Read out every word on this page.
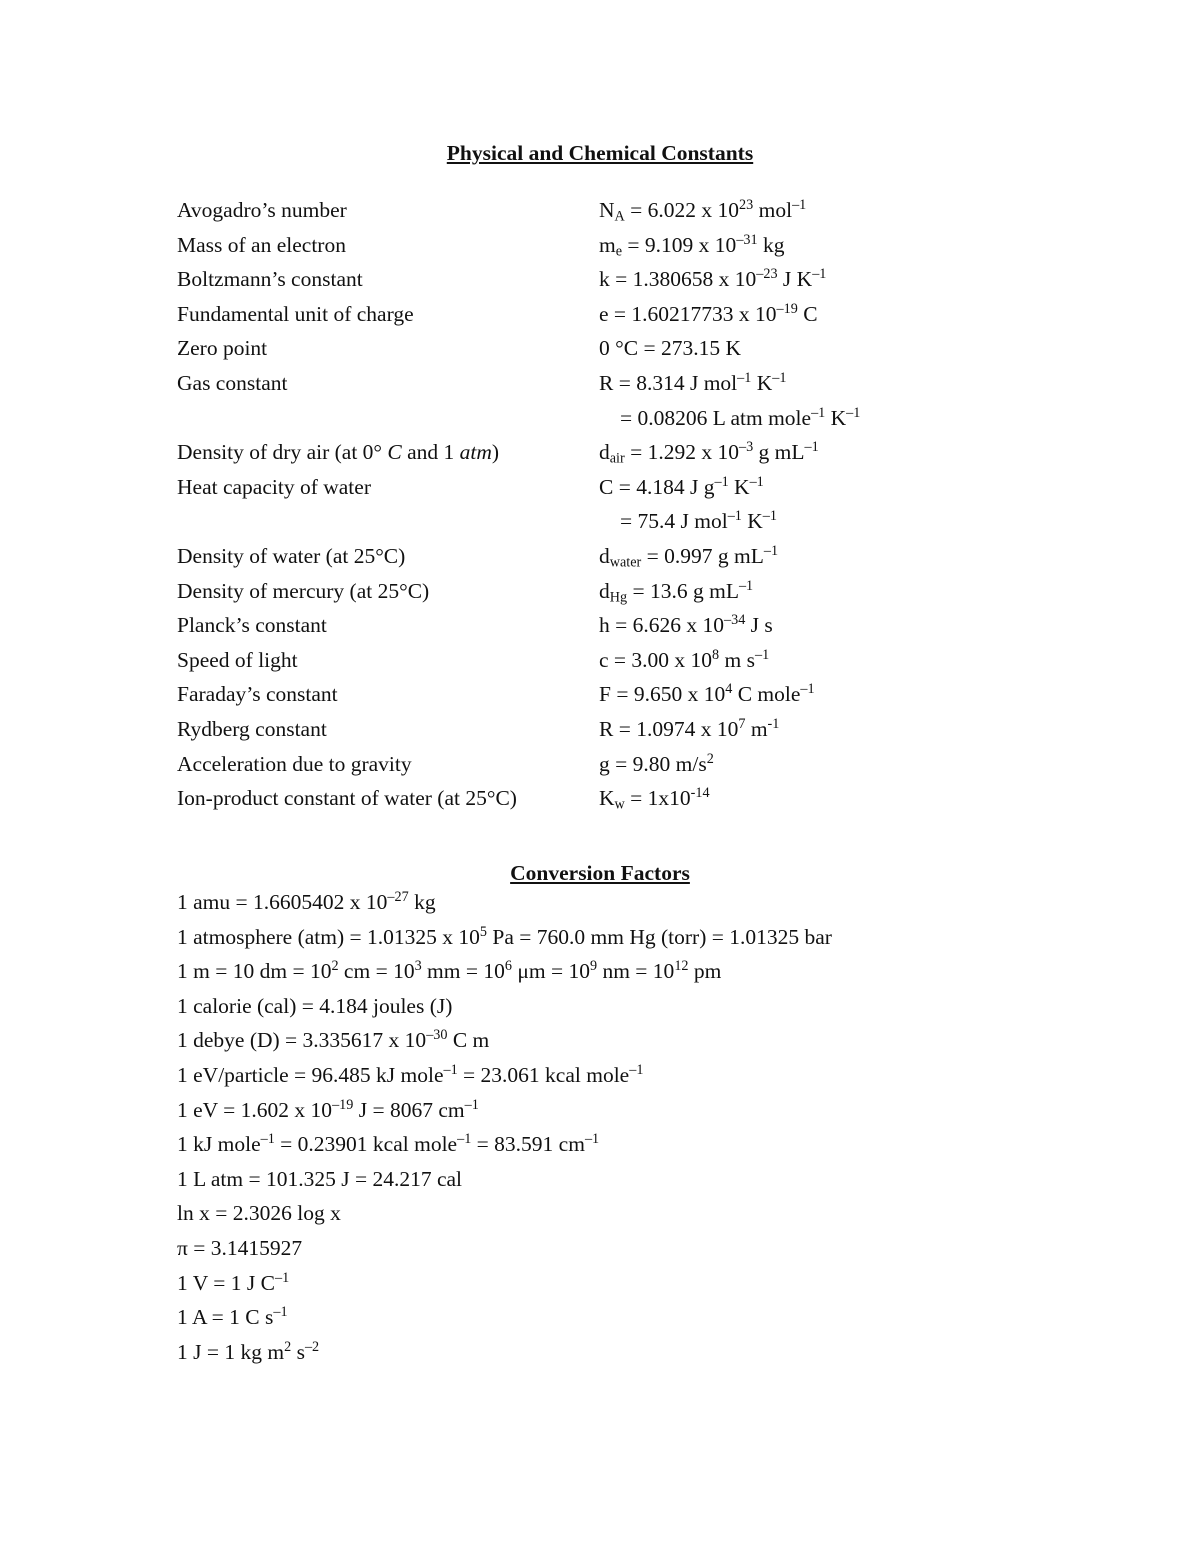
Physical and Chemical Constants
Avogadro’s number	$N_A = 6.022$ x $10^{23}$ mol$^{-1}$
Mass of an electron	$m_e = 9.109$ x $10^{-31}$ kg
Boltzmann’s constant	k = 1.380658 x $10^{-23}$ J $K^{-1}$
Fundamental unit of charge	e = 1.60217733 x $10^{-19}$ C
Zero point	0 °C = 273.15 K
Gas constant	R = 8.314 J mol$^{-1}$ $K^{-1}$
= 0.08206 L atm mole$^{-1}$ $K^{-1}$
Density of dry air (at 0° C and 1 atm)	$d_{air} = 1.292$ x $10^{-3}$ g $mL^{-1}$
Heat capacity of water	C = 4.184 J $g^{-1}$ $K^{-1}$
= 75.4 J mol$^{-1}$ $K^{-1}$
Density of water (at 25°C)	$d_{water} = 0.997$ g $mL^{-1}$
Density of mercury (at 25°C)	$d_{Hg} = 13.6$ g $mL^{-1}$
Planck’s constant	h = 6.626 x $10^{-34}$ J s
Speed of light	c = 3.00 x $10^8$ m $s^{-1}$
Faraday’s constant	F = 9.650 x $10^4$ C mole$^{-1}$
Rydberg constant	R = 1.0974 x $10^7$ $m^{-1}$
Acceleration due to gravity	g = 9.80 $m/s^2$
Ion-product constant of water (at 25°C)	$K_w = 1x10^{-14}$
Conversion Factors
1 amu = 1.6605402 x $10^{-27}$ kg
1 atmosphere (atm) = 1.01325 x $10^5$ Pa = 760.0 mm Hg (torr) = 1.01325 bar
1 m = 10 dm = $10^2$ cm = $10^3$ mm = $10^6$ $\mu m = 10^9$ nm = $10^{12}$ pm
1 calorie (cal) = 4.184 joules (J)
1 debye (D) = 3.335617 x $10^{-30}$ C m
1 eV/particle = 96.485 kJ mole$^{-1}$ = 23.061 kcal mole$^{-1}$
1 eV = 1.602 x $10^{-19}$ J = 8067 $cm^{-1}$
1 kJ mole$^{-1}$ = 0.23901 kcal mole$^{-1}$ = 83.591 $cm^{-1}$
1 L atm = 101.325 J = 24.217 cal
ln x = 2.3026 log x
π = 3.1415927
1 V = 1 J $C^{-1}$
1 A = 1 C $s^{-1}$
1 J = 1 kg $m^2$ $s^{-2}$
